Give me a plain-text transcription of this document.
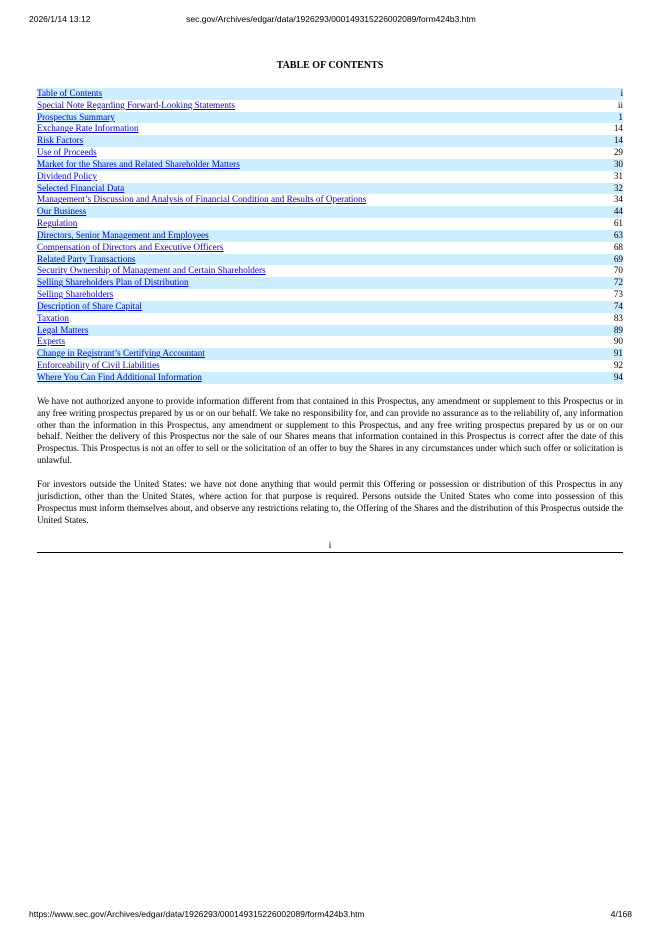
2026/1/14 13:12	sec.gov/Archives/edgar/data/1926293/000149315226002089/form424b3.htm
TABLE OF CONTENTS
Table of Contents	i
Special Note Regarding Forward-Looking Statements	ii
Prospectus Summary	1
Exchange Rate Information	14
Risk Factors	14
Use of Proceeds	29
Market for the Shares and Related Shareholder Matters	30
Dividend Policy	31
Selected Financial Data	32
Management’s Discussion and Analysis of Financial Condition and Results of Operations	34
Our Business	44
Regulation	61
Directors, Senior Management and Employees	63
Compensation of Directors and Executive Officers	68
Related Party Transactions	69
Security Ownership of Management and Certain Shareholders	70
Selling Shareholders Plan of Distribution	72
Selling Shareholders	73
Description of Share Capital	74
Taxation	83
Legal Matters	89
Experts	90
Change in Registrant’s Certifying Accountant	91
Enforceability of Civil Liabilities	92
Where You Can Find Additional Information	94

We have not authorized anyone to provide information different from that contained in this Prospectus, any amendment or supplement to this Prospectus or in any free writing prospectus prepared by us or on our behalf. We take no responsibility for, and can provide no assurance as to the reliability of, any information other than the information in this Prospectus, any amendment or supplement to this Prospectus, and any free writing prospectus prepared by us or on our behalf. Neither the delivery of this Prospectus nor the sale of our Shares means that information contained in this Prospectus is correct after the date of this Prospectus. This Prospectus is not an offer to sell or the solicitation of an offer to buy the Shares in any circumstances under which such offer or solicitation is unlawful.

For investors outside the United States: we have not done anything that would permit this Offering or possession or distribution of this Prospectus in any jurisdiction, other than the United States, where action for that purpose is required. Persons outside the United States who come into possession of this Prospectus must inform themselves about, and observe any restrictions relating to, the Offering of the Shares and the distribution of this Prospectus outside the United States.

i
https://www.sec.gov/Archives/edgar/data/1926293/000149315226002089/form424b3.htm	4/168
